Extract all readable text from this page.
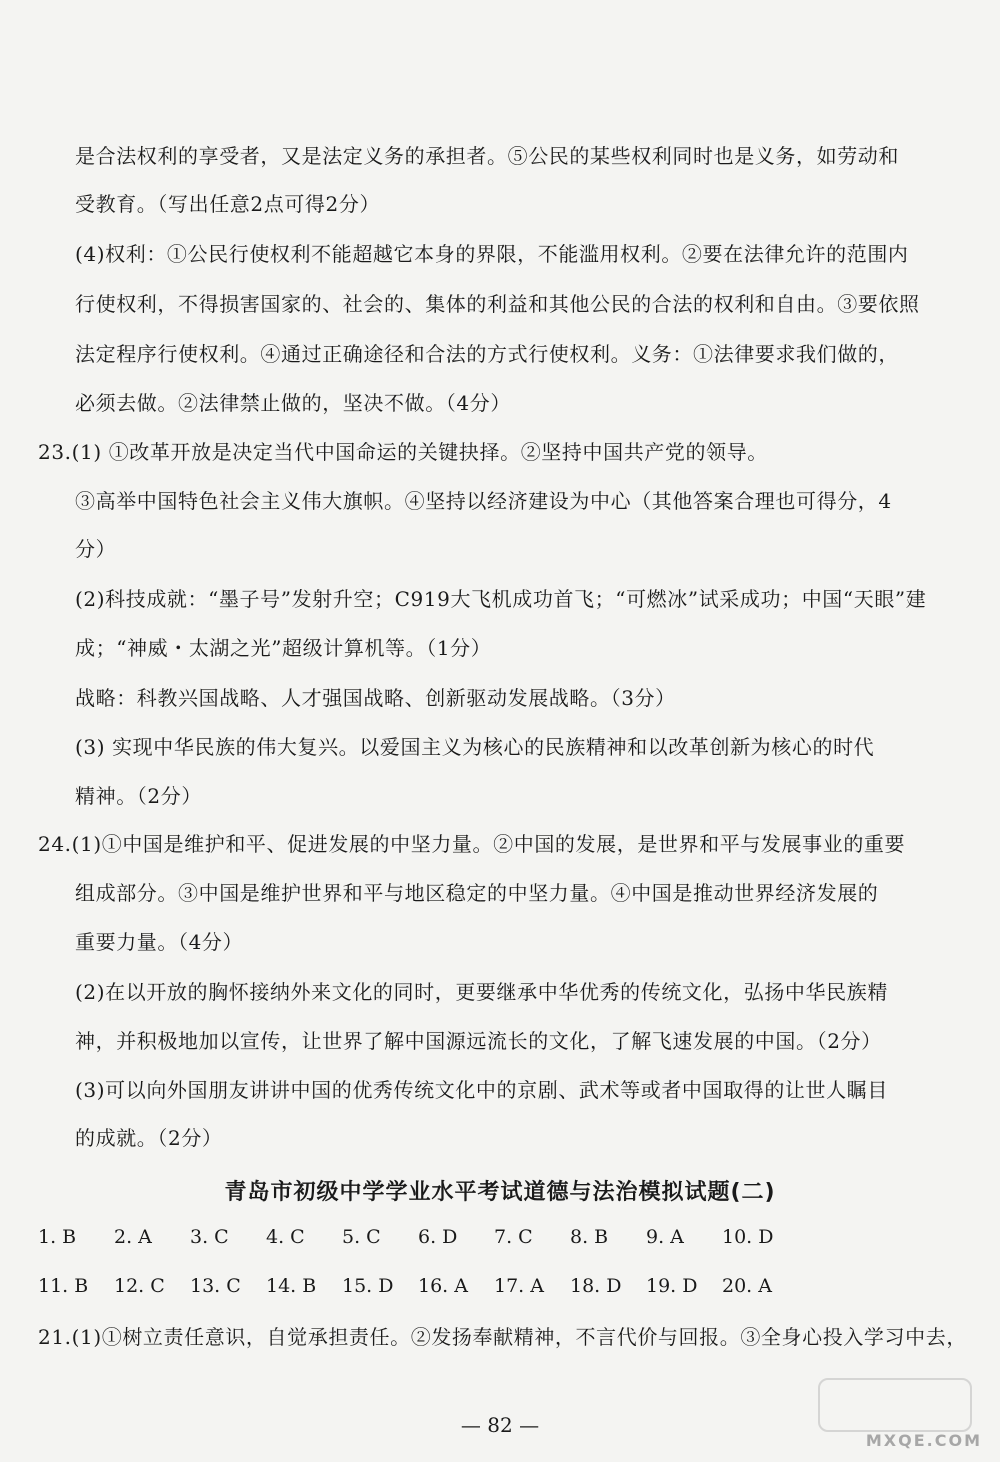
是合法权利的享受者，又是法定义务的承担者。⑤公民的某些权利同时也是义务，如劳动和
受教育。（写出任意2点可得2分）
(4)权利：①公民行使权利不能超越它本身的界限，不能滥用权利。②要在法律允许的范围内
行使权利，不得损害国家的、社会的、集体的利益和其他公民的合法的权利和自由。③要依照
法定程序行使权利。④通过正确途径和合法的方式行使权利。义务：①法律要求我们做的，
必须去做。②法律禁止做的，坚决不做。（4分）
23.(1) ①改革开放是决定当代中国命运的关键抉择。②坚持中国共产党的领导。
③高举中国特色社会主义伟大旗帜。④坚持以经济建设为中心（其他答案合理也可得分，4
分）
(2)科技成就：“墨子号”发射升空；C919大飞机成功首飞；“可燃冰”试采成功；中国“天眼”建
成；“神威・太湖之光”超级计算机等。（1分）
战略：科教兴国战略、人才强国战略、创新驱动发展战略。（3分）
(3) 实现中华民族的伟大复兴。以爱国主义为核心的民族精神和以改革创新为核心的时代
精神。（2分）
24.(1)①中国是维护和平、促进发展的中坚力量。②中国的发展，是世界和平与发展事业的重要
组成部分。③中国是维护世界和平与地区稳定的中坚力量。④中国是推动世界经济发展的
重要力量。（4分）
(2)在以开放的胸怀接纳外来文化的同时，更要继承中华优秀的传统文化，弘扬中华民族精
神，并积极地加以宣传，让世界了解中国源远流长的文化，了解飞速发展的中国。（2分）
(3)可以向外国朋友讲讲中国的优秀传统文化中的京剧、武术等或者中国取得的让世人瞩目
的成就。（2分）
青岛市初级中学学业水平考试道德与法治模拟试题(二)
1. B	2. A	3. C	4. C	5. C	6. D	7. C	8. B	9. A	10. D
11. B	12. C	13. C	14. B	15. D	16. A	17. A	18. D	19. D	20. A
21.(1)①树立责任意识，自觉承担责任。②发扬奉献精神，不言代价与回报。③全身心投入学习中去，
— 82 —
MXQE.COM
